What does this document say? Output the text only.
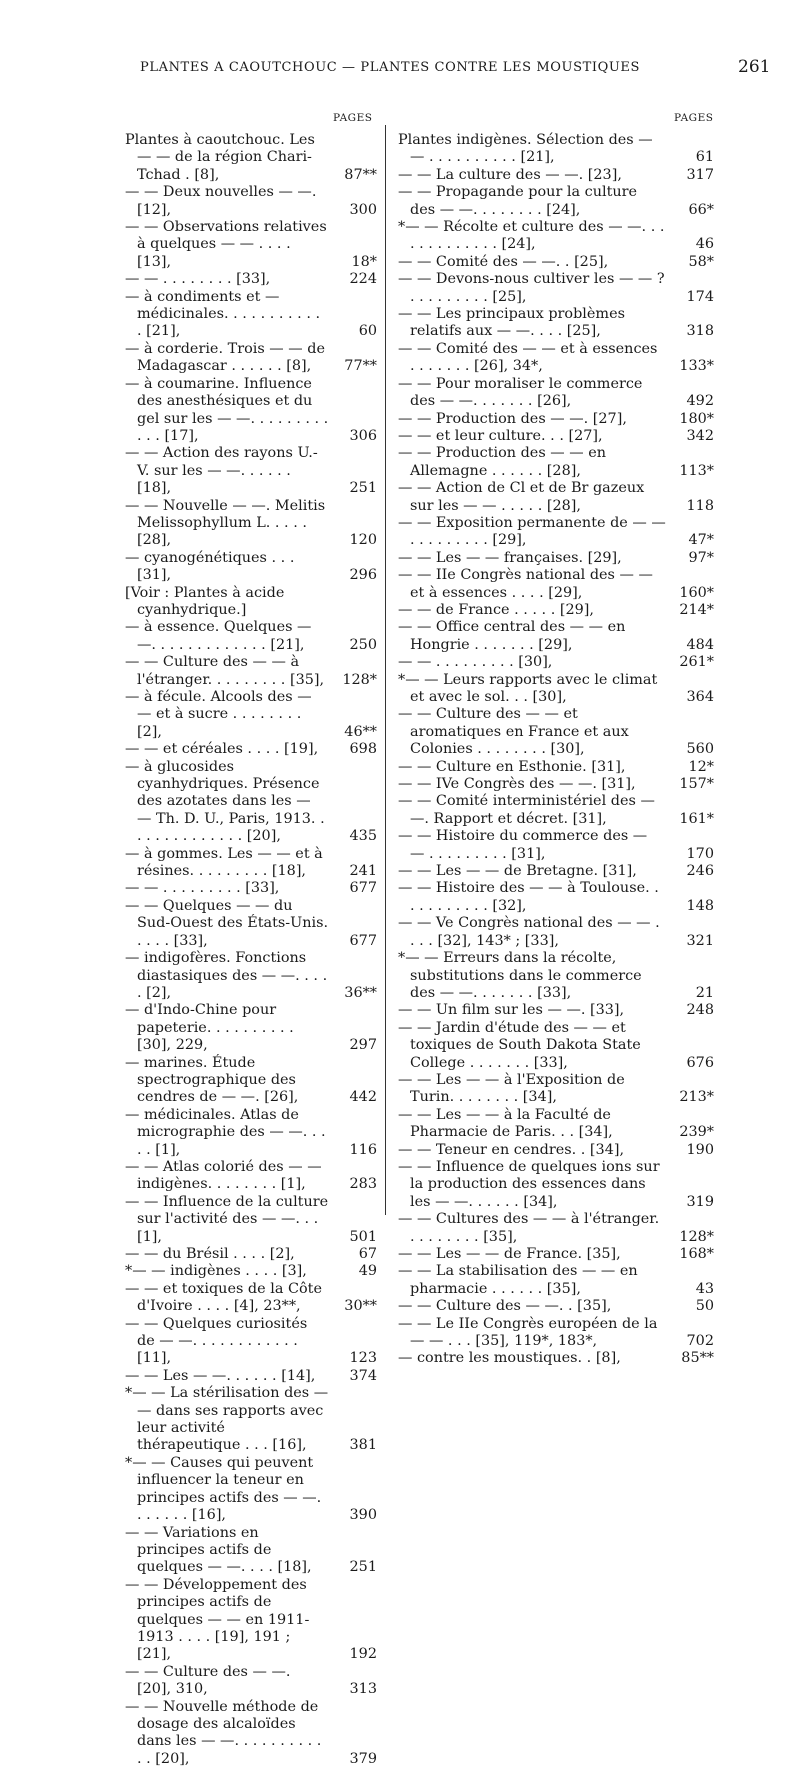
PLANTES A CAOUTCHOUC — PLANTES CONTRE LES MOUSTIQUES	261
PAGES	PAGES
Plantes à caoutchouc. Les — — de la région Chari-Tchad . [8],	87**
— — Deux nouvelles — —. [12],	300
— — Observations relatives à quelques — — . . . . [13],	18*
— — . . . . . . . . [33],	224
— à condiments et — médicinales. . . . . . . . . . . . [21],	60
— à corderie. Trois — — de Madagascar . . . . . . [8],	77**
— à coumarine. Influence des anesthésiques et du gel sur les — —. . . . . . . . . . . . [17],	306
— — Action des rayons U.-V. sur les — —. . . . . . [18],	251
— — Nouvelle — —. Melitis Melissophyllum L. . . . . [28],	120
— cyanogénétiques . . . [31],	296
[Voir : Plantes à acide cyanhydrique.]
— à essence. Quelques — —. . . . . . . . . . . . . [21],	250
— — Culture des — — à l'étranger. . . . . . . . . [35],	128*
— à fécule. Alcools des — — et à sucre . . . . . . . . [2],	46**
— — et céréales . . . . [19],	698
— à glucosides cyanhydriques. Présence des azotates dans les — — Th. D. U., Paris, 1913. . . . . . . . . . . . . . [20],	435
— à gommes. Les — — et à résines. . . . . . . . . [18],	241
— — . . . . . . . . . [33],	677
— — Quelques — — du Sud-Ouest des États-Unis. . . . . [33],	677
— indigofères. Fonctions diastasiques des — —. . . . . [2],	36**
— d'Indo-Chine pour papeterie. . . . . . . . . . [30], 229,	297
— marines. Étude spectrographique des cendres de — —. [26],	442
— médicinales. Atlas de micrographie des — —. . . . . [1],	116
— — Atlas colorié des — — indigènes. . . . . . . . [1],	283
— — Influence de la culture sur l'activité des — —. . . [1],	501
— — du Brésil . . . . [2],	67
*— — indigènes . . . . [3],	49
— — et toxiques de la Côte d'Ivoire . . . . [4], 23**,	30**
— — Quelques curiosités de — —. . . . . . . . . . . . [11],	123
— — Les — —. . . . . . [14],	374
*— — La stérilisation des — — dans ses rapports avec leur activité thérapeutique . . . [16],	381
*— — Causes qui peuvent influencer la teneur en principes actifs des — —. . . . . . . [16],	390
— — Variations en principes actifs de quelques — —. . . . [18],	251
— — Développement des principes actifs de quelques — — en 1911-1913 . . . . [19], 191 ; [21],	192
— — Culture des — —. [20], 310,	313
— — Nouvelle méthode de dosage des alcaloïdes dans les — —. . . . . . . . . . . . [20],	379
Plantes indigènes. Sélection des — — . . . . . . . . . . [21],	61
— — La culture des — —. [23],	317
— — Propagande pour la culture des — —. . . . . . . . [24],	66*
*— — Récolte et culture des — —. . . . . . . . . . . . . [24],	46
— — Comité des — —. . [25],	58*
— — Devons-nous cultiver les — — ? . . . . . . . . . [25],	174
— — Les principaux problèmes relatifs aux — —. . . . [25],	318
— — Comité des — — et à essences . . . . . . . [26], 34*,	133*
— — Pour moraliser le commerce des — —. . . . . . . [26],	492
— — Production des — —. [27],	180*
— — et leur culture. . . [27],	342
— — Production des — — en Allemagne . . . . . . [28],	113*
— — Action de Cl et de Br gazeux sur les — — . . . . . [28],	118
— — Exposition permanente de — — . . . . . . . . . [29],	47*
— — Les — — françaises. [29],	97*
— — IIe Congrès national des — — et à essences . . . . [29],	160*
— — de France . . . . . [29],	214*
— — Office central des — — en Hongrie . . . . . . . [29],	484
— — . . . . . . . . . [30],	261*
*— — Leurs rapports avec le climat et avec le sol. . . [30],	364
— — Culture des — — et aromatiques en France et aux Colonies . . . . . . . . [30],	560
— — Culture en Esthonie. [31],	12*
— — IVe Congrès des — —. [31],	157*
— — Comité interministériel des — —. Rapport et décret. [31],	161*
— — Histoire du commerce des — — . . . . . . . . . [31],	170
— — Les — — de Bretagne. [31],	246
— — Histoire des — — à Toulouse. . . . . . . . . . . [32],	148
— — Ve Congrès national des — — . . . . [32], 143* ; [33],	321
*— — Erreurs dans la récolte, substitutions dans le commerce des — —. . . . . . . [33],	21
— — Un film sur les — —. [33],	248
— — Jardin d'étude des — — et toxiques de South Dakota State College . . . . . . . [33],	676
— — Les — — à l'Exposition de Turin. . . . . . . . [34],	213*
— — Les — — à la Faculté de Pharmacie de Paris. . . [34],	239*
— — Teneur en cendres. . [34],	190
— — Influence de quelques ions sur la production des essences dans les — —. . . . . . [34],	319
— — Cultures des — — à l'étranger. . . . . . . . . [35],	128*
— — Les — — de France. [35],	168*
— — La stabilisation des — — en pharmacie . . . . . . [35],	43
— — Culture des — —. . [35],	50
— — Le IIe Congrès européen de la — — . . . [35], 119*, 183*,	702
— contre les moustiques. . [8],	85**
